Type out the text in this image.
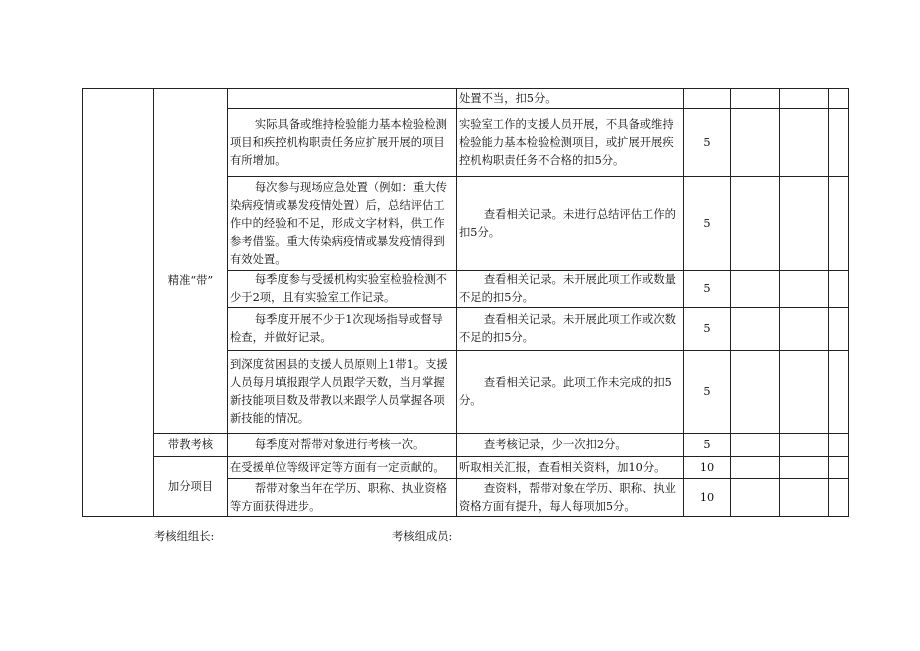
	精准“带”		处置不当，扣5分。				
		实际具备或维持检验能力基本检验检测项目和疾控机构职责任务应扩展开展的项目有所增加。	实验室工作的支援人员开展，不具备或维持检验能力基本检验检测项目，或扩展开展疾控机构职责任务不合格的扣5分。	5			
		每次参与现场应急处置（例如：重大传染病疫情或暴发疫情处置）后，总结评估工作中的经验和不足，形成文字材料，供工作参考借鉴。重大传染病疫情或暴发疫情得到有效处置。	查看相关记录。未进行总结评估工作的扣5分。	5			
		每季度参与受援机构实验室检验检测不少于2项，且有实验室工作记录。	查看相关记录。未开展此项工作或数量不足的扣5分。	5			
		每季度开展不少于1次现场指导或督导检查，并做好记录。	查看相关记录。未开展此项工作或次数不足的扣5分。	5			
		到深度贫困县的支援人员原则上1带1。支援人员每月填报跟学人员跟学天数，当月掌握新技能项目数及带教以来跟学人员掌握各项新技能的情况。	查看相关记录。此项工作未完成的扣5分。	5			
	带教考核	每季度对帮带对象进行考核一次。	查考核记录，少一次扣2分。	5			
	加分项目	在受援单位等级评定等方面有一定贡献的。	听取相关汇报，查看相关资料，加10分。	10			
		帮带对象当年在学历、职称、执业资格等方面获得进步。	查资料，帮带对象在学历、职称、执业资格方面有提升，每人每项加5分。	10			
考核组组长:	考核组成员:
